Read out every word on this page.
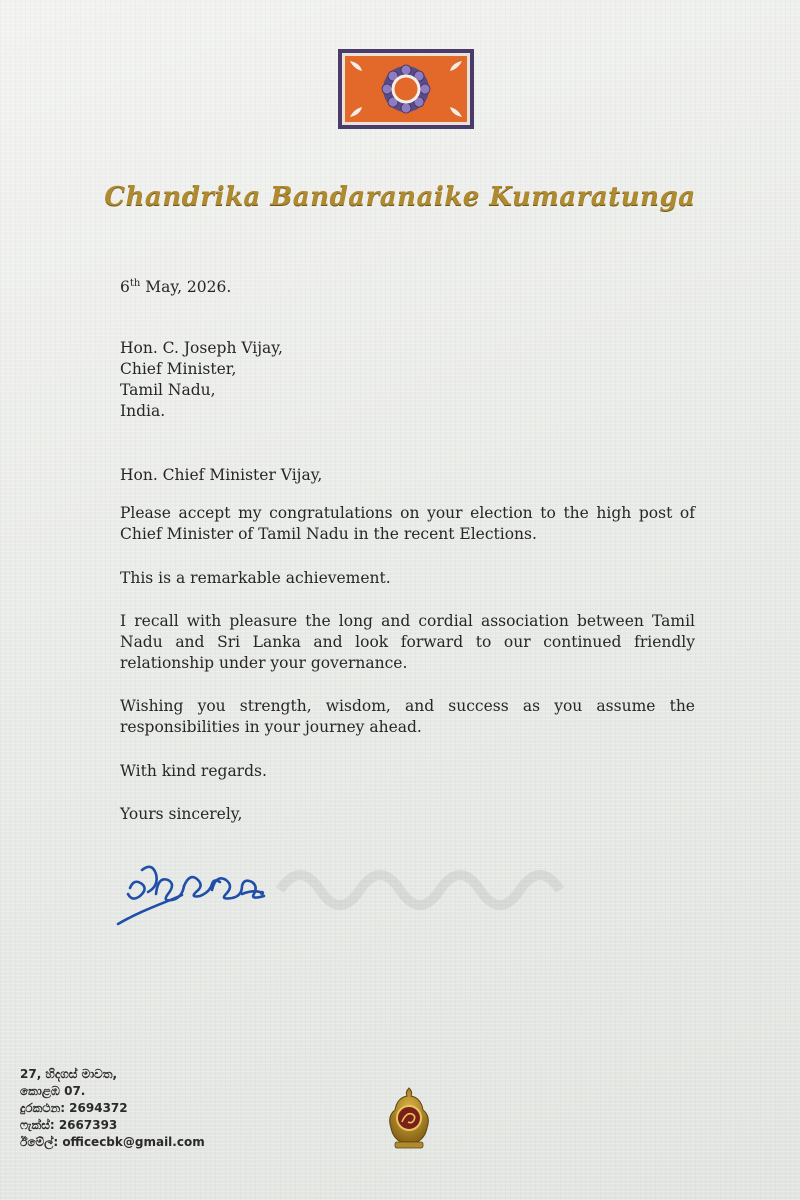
Chandrika Bandaranaike Kumaratunga
6th May, 2026.
Hon. C. Joseph Vijay,
Chief Minister,
Tamil Nadu,
India.
Hon. Chief Minister Vijay,
Please accept my congratulations on your election to the high post of Chief Minister of Tamil Nadu in the recent Elections.
This is a remarkable achievement.
I recall with pleasure the long and cordial association between Tamil Nadu and Sri Lanka and look forward to our continued friendly relationship under your governance.
Wishing you strength, wisdom, and success as you assume the responsibilities in your journey ahead.
With kind regards.
Yours sincerely,
27, හිදගස් මාවත,
කොළඹ 07.
දුරකථන: 2694372
ෆැක්ස්: 2667393
ඊමේල්: officecbk@gmail.com
